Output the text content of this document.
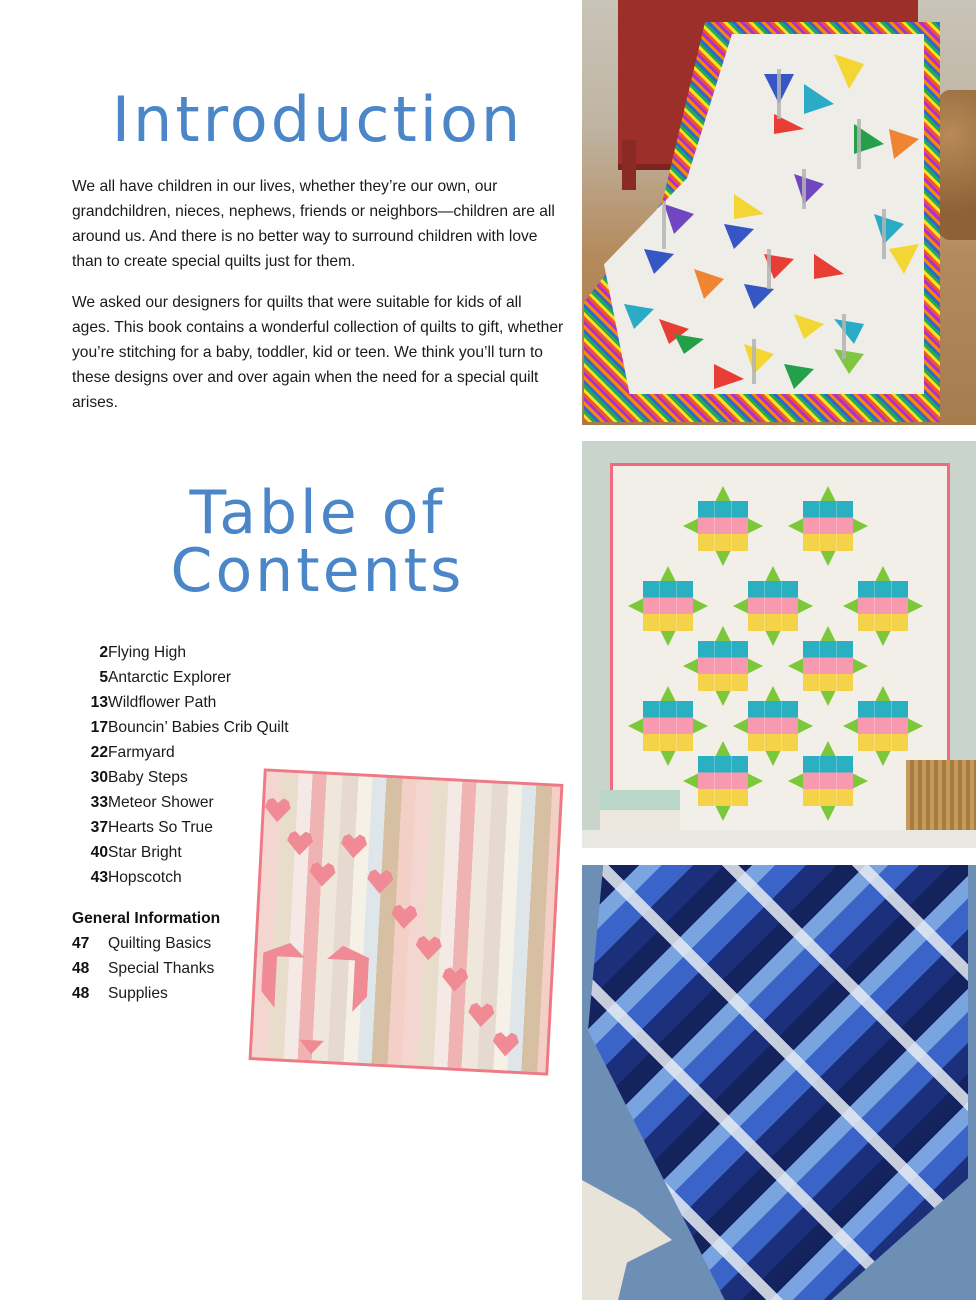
Introduction

We all have children in our lives, whether they’re our own, our grandchildren, nieces, nephews, friends or neighbors—children are all around us. And there is no better way to surround children with love than to create special quilts just for them.

We asked our designers for quilts that were suitable for kids of all ages. This book contains a wonderful collection of quilts to gift, whether you’re stitching for a baby, toddler, kid or teen. We think you’ll turn to these designs over and over again when the need for a special quilt arises.

Table of
Contents
2 Flying High
5 Antarctic Explorer
13 Wildflower Path
17 Bouncin’ Babies Crib Quilt
22 Farmyard
30 Baby Steps
33 Meteor Shower
37 Hearts So True
40 Star Bright
43 Hopscotch
General Information
47	Quilting Basics
48	Special Thanks
48	Supplies
